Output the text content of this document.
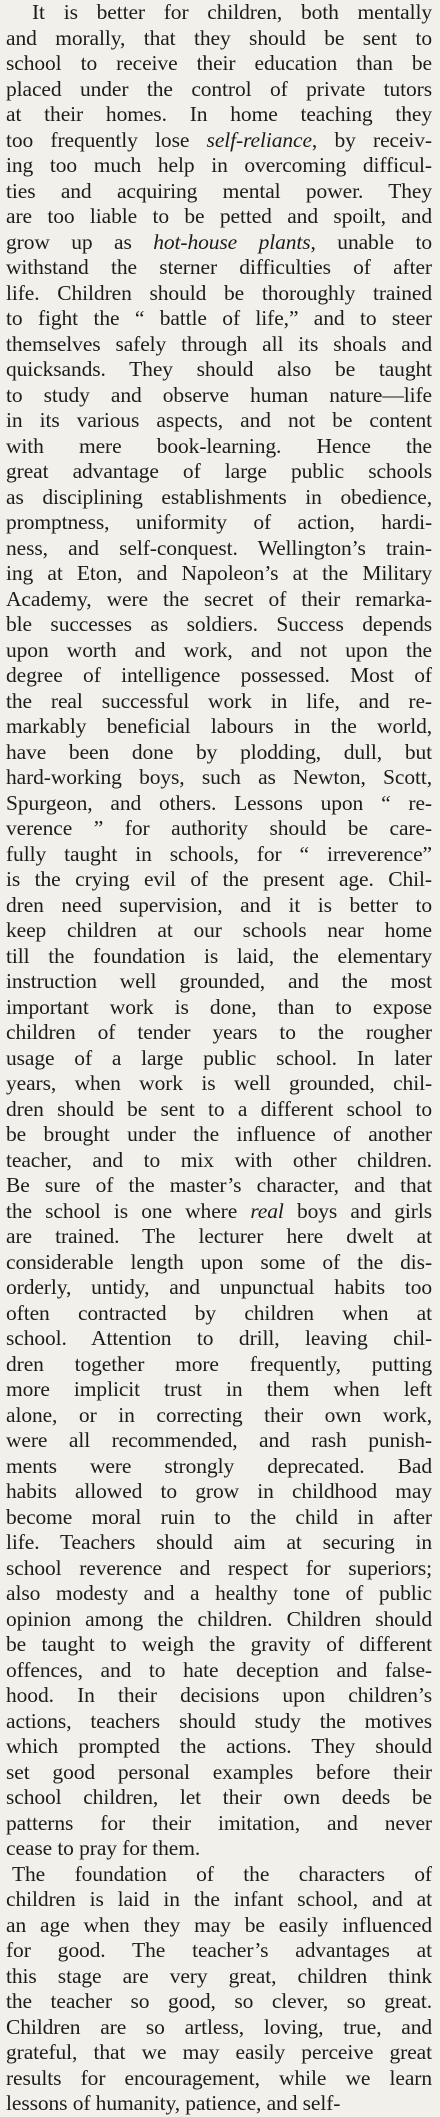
It is better for children, both mentally
and morally, that they should be sent to
school to receive their education than be
placed under the control of private tutors
at their homes. In home teaching they
too frequently lose self-reliance, by receiv-
ing too much help in overcoming difficul-
ties and acquiring mental power. They
are too liable to be petted and spoilt, and
grow up as hot-house plants, unable to
withstand the sterner difficulties of after
life. Children should be thoroughly trained
to fight the “ battle of life,” and to steer
themselves safely through all its shoals and
quicksands. They should also be taught
to study and observe human nature—life
in its various aspects, and not be content
with mere book-learning. Hence the
great advantage of large public schools
as disciplining establishments in obedience,
promptness, uniformity of action, hardi-
ness, and self-conquest. Wellington’s train-
ing at Eton, and Napoleon’s at the Military
Academy, were the secret of their remarka-
ble successes as soldiers. Success depends
upon worth and work, and not upon the
degree of intelligence possessed. Most of
the real successful work in life, and re-
markably beneficial labours in the world,
have been done by plodding, dull, but
hard-working boys, such as Newton, Scott,
Spurgeon, and others. Lessons upon “ re-
verence ” for authority should be care-
fully taught in schools, for “ irreverence”
is the crying evil of the present age. Chil-
dren need supervision, and it is better to
keep children at our schools near home
till the foundation is laid, the elementary
instruction well grounded, and the most
important work is done, than to expose
children of tender years to the rougher
usage of a large public school. In later
years, when work is well grounded, chil-
dren should be sent to a different school to
be brought under the influence of another
teacher, and to mix with other children.
Be sure of the master’s character, and that
the school is one where real boys and girls
are trained. The lecturer here dwelt at
considerable length upon some of the dis-
orderly, untidy, and unpunctual habits too
often contracted by children when at
school. Attention to drill, leaving chil-
dren together more frequently, putting
more implicit trust in them when left
alone, or in correcting their own work,
were all recommended, and rash punish-
ments were strongly deprecated. Bad
habits allowed to grow in childhood may
become moral ruin to the child in after
life. Teachers should aim at securing in
school reverence and respect for superiors;
also modesty and a healthy tone of public
opinion among the children. Children should
be taught to weigh the gravity of different
offences, and to hate deception and false-
hood. In their decisions upon children’s
actions, teachers should study the motives
which prompted the actions. They should
set good personal examples before their
school children, let their own deeds be
patterns for their imitation, and never
cease to pray for them.
The foundation of the characters of
children is laid in the infant school, and at
an age when they may be easily influenced
for good. The teacher’s advantages at
this stage are very great, children think
the teacher so good, so clever, so great.
Children are so artless, loving, true, and
grateful, that we may easily perceive great
results for encouragement, while we learn
lessons of humanity, patience, and self-
